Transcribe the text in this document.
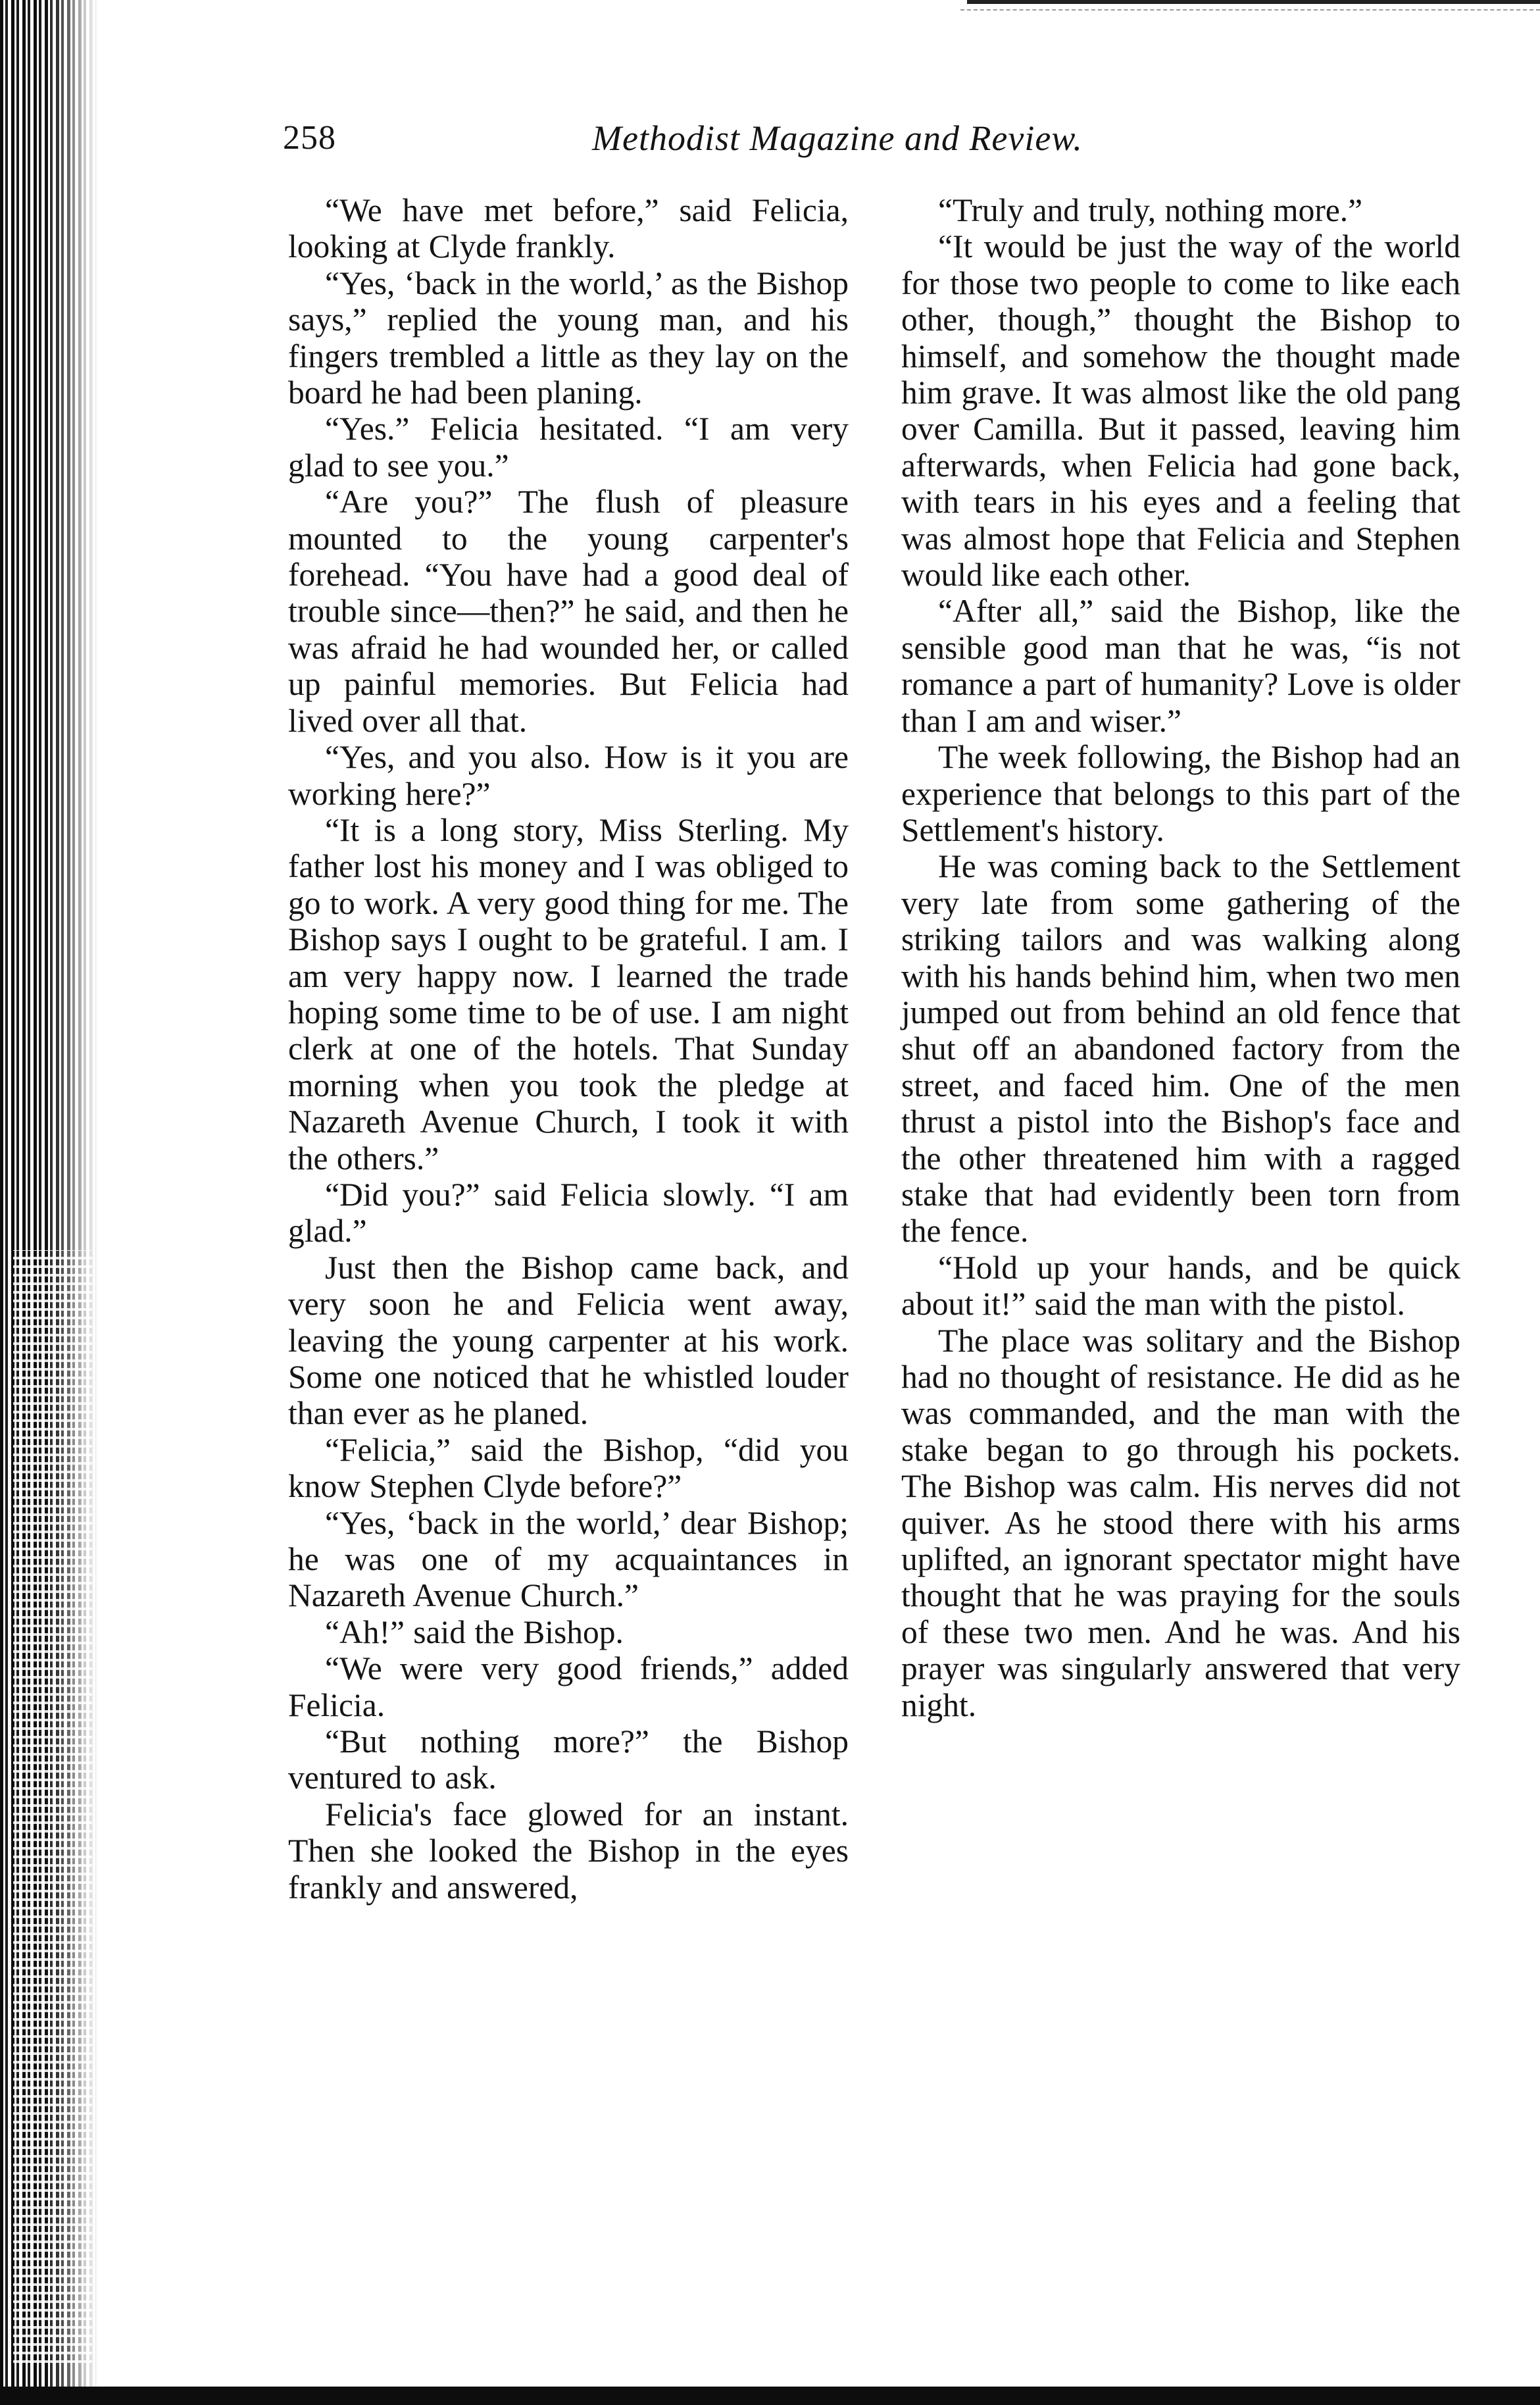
258	Methodist Magazine and Review.

“We have met before,” said Felicia, looking at Clyde frankly.

“Yes, ‘back in the world,’ as the Bishop says,” replied the young man, and his fingers trembled a little as they lay on the board he had been planing.

“Yes.” Felicia hesitated. “I am very glad to see you.”

“Are you?” The flush of pleasure mounted to the young carpenter's forehead. “You have had a good deal of trouble since—then?” he said, and then he was afraid he had wounded her, or called up painful memories. But Felicia had lived over all that.

“Yes, and you also. How is it you are working here?”

“It is a long story, Miss Sterling. My father lost his money and I was obliged to go to work. A very good thing for me. The Bishop says I ought to be grateful. I am. I am very happy now. I learned the trade hoping some time to be of use. I am night clerk at one of the hotels. That Sunday morning when you took the pledge at Nazareth Avenue Church, I took it with the others.”

“Did you?” said Felicia slowly. “I am glad.”

Just then the Bishop came back, and very soon he and Felicia went away, leaving the young carpenter at his work. Some one noticed that he whistled louder than ever as he planed.

“Felicia,” said the Bishop, “did you know Stephen Clyde before?”

“Yes, ‘back in the world,’ dear Bishop; he was one of my acquaintances in Nazareth Avenue Church.”

“Ah!” said the Bishop.

“We were very good friends,” added Felicia.

“But nothing more?” the Bishop ventured to ask.

Felicia's face glowed for an instant. Then she looked the Bishop in the eyes frankly and answered,

“Truly and truly, nothing more.”

“It would be just the way of the world for those two people to come to like each other, though,” thought the Bishop to himself, and somehow the thought made him grave. It was almost like the old pang over Camilla. But it passed, leaving him afterwards, when Felicia had gone back, with tears in his eyes and a feeling that was almost hope that Felicia and Stephen would like each other.

“After all,” said the Bishop, like the sensible good man that he was, “is not romance a part of humanity? Love is older than I am and wiser.”

The week following, the Bishop had an experience that belongs to this part of the Settlement's history.

He was coming back to the Settlement very late from some gathering of the striking tailors and was walking along with his hands behind him, when two men jumped out from behind an old fence that shut off an abandoned factory from the street, and faced him. One of the men thrust a pistol into the Bishop's face and the other threatened him with a ragged stake that had evidently been torn from the fence.

“Hold up your hands, and be quick about it!” said the man with the pistol.

The place was solitary and the Bishop had no thought of resistance. He did as he was commanded, and the man with the stake began to go through his pockets. The Bishop was calm. His nerves did not quiver. As he stood there with his arms uplifted, an ignorant spectator might have thought that he was praying for the souls of these two men. And he was. And his prayer was singularly answered that very night.
